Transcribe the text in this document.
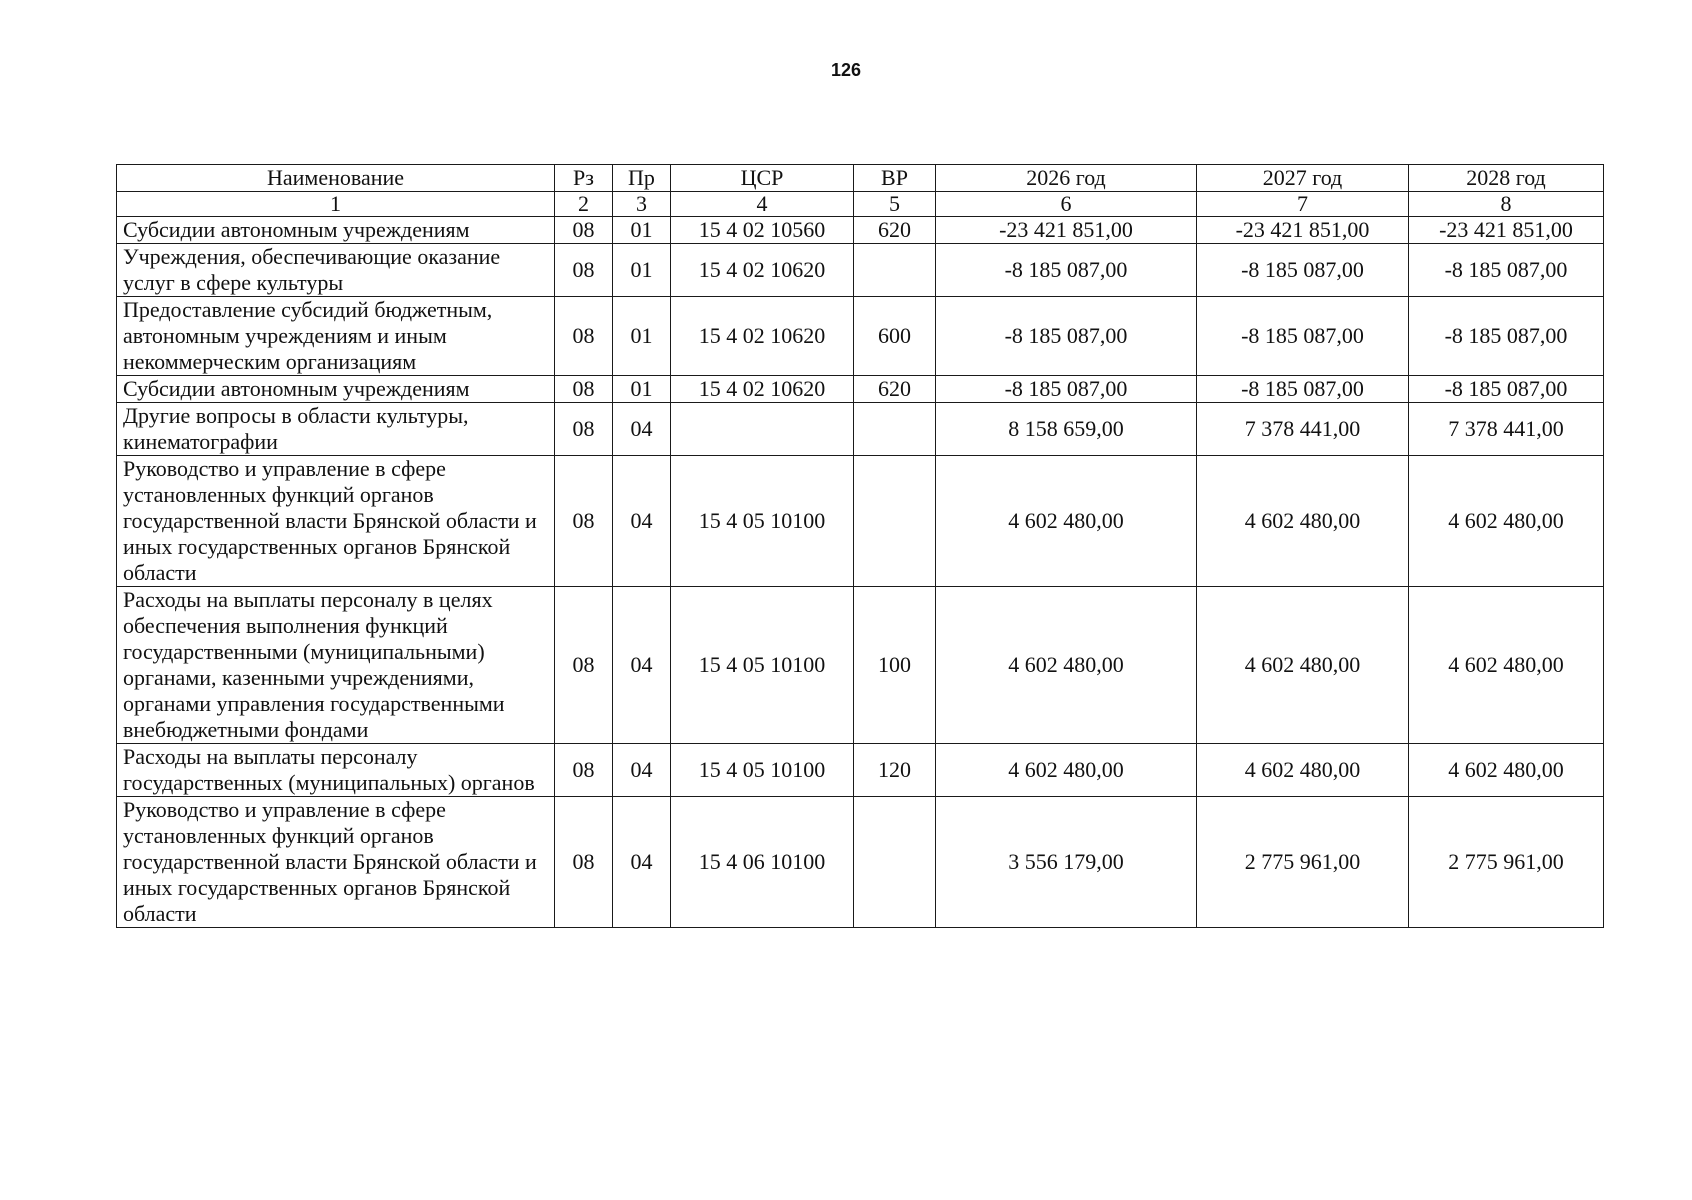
126
Наименование	Рз	Пр	ЦСР	ВР	2026 год	2027 год	2028 год
1	2	3	4	5	6	7	8
Субсидии автономным учреждениям	08	01	15 4 02 10560	620	-23 421 851,00	-23 421 851,00	-23 421 851,00
Учреждения, обеспечивающие оказание услуг в сфере культуры	08	01	15 4 02 10620		-8 185 087,00	-8 185 087,00	-8 185 087,00
Предоставление субсидий бюджетным, автономным учреждениям и иным некоммерческим организациям	08	01	15 4 02 10620	600	-8 185 087,00	-8 185 087,00	-8 185 087,00
Субсидии автономным учреждениям	08	01	15 4 02 10620	620	-8 185 087,00	-8 185 087,00	-8 185 087,00
Другие вопросы в области культуры, кинематографии	08	04			8 158 659,00	7 378 441,00	7 378 441,00
Руководство и управление в сфере установленных функций органов государственной власти Брянской области и иных государственных органов Брянской области	08	04	15 4 05 10100		4 602 480,00	4 602 480,00	4 602 480,00
Расходы на выплаты персоналу в целях обеспечения выполнения функций государственными (муниципальными) органами, казенными учреждениями, органами управления государственными внебюджетными фондами	08	04	15 4 05 10100	100	4 602 480,00	4 602 480,00	4 602 480,00
Расходы на выплаты персоналу государственных (муниципальных) органов	08	04	15 4 05 10100	120	4 602 480,00	4 602 480,00	4 602 480,00
Руководство и управление в сфере установленных функций органов государственной власти Брянской области и иных государственных органов Брянской области	08	04	15 4 06 10100		3 556 179,00	2 775 961,00	2 775 961,00
